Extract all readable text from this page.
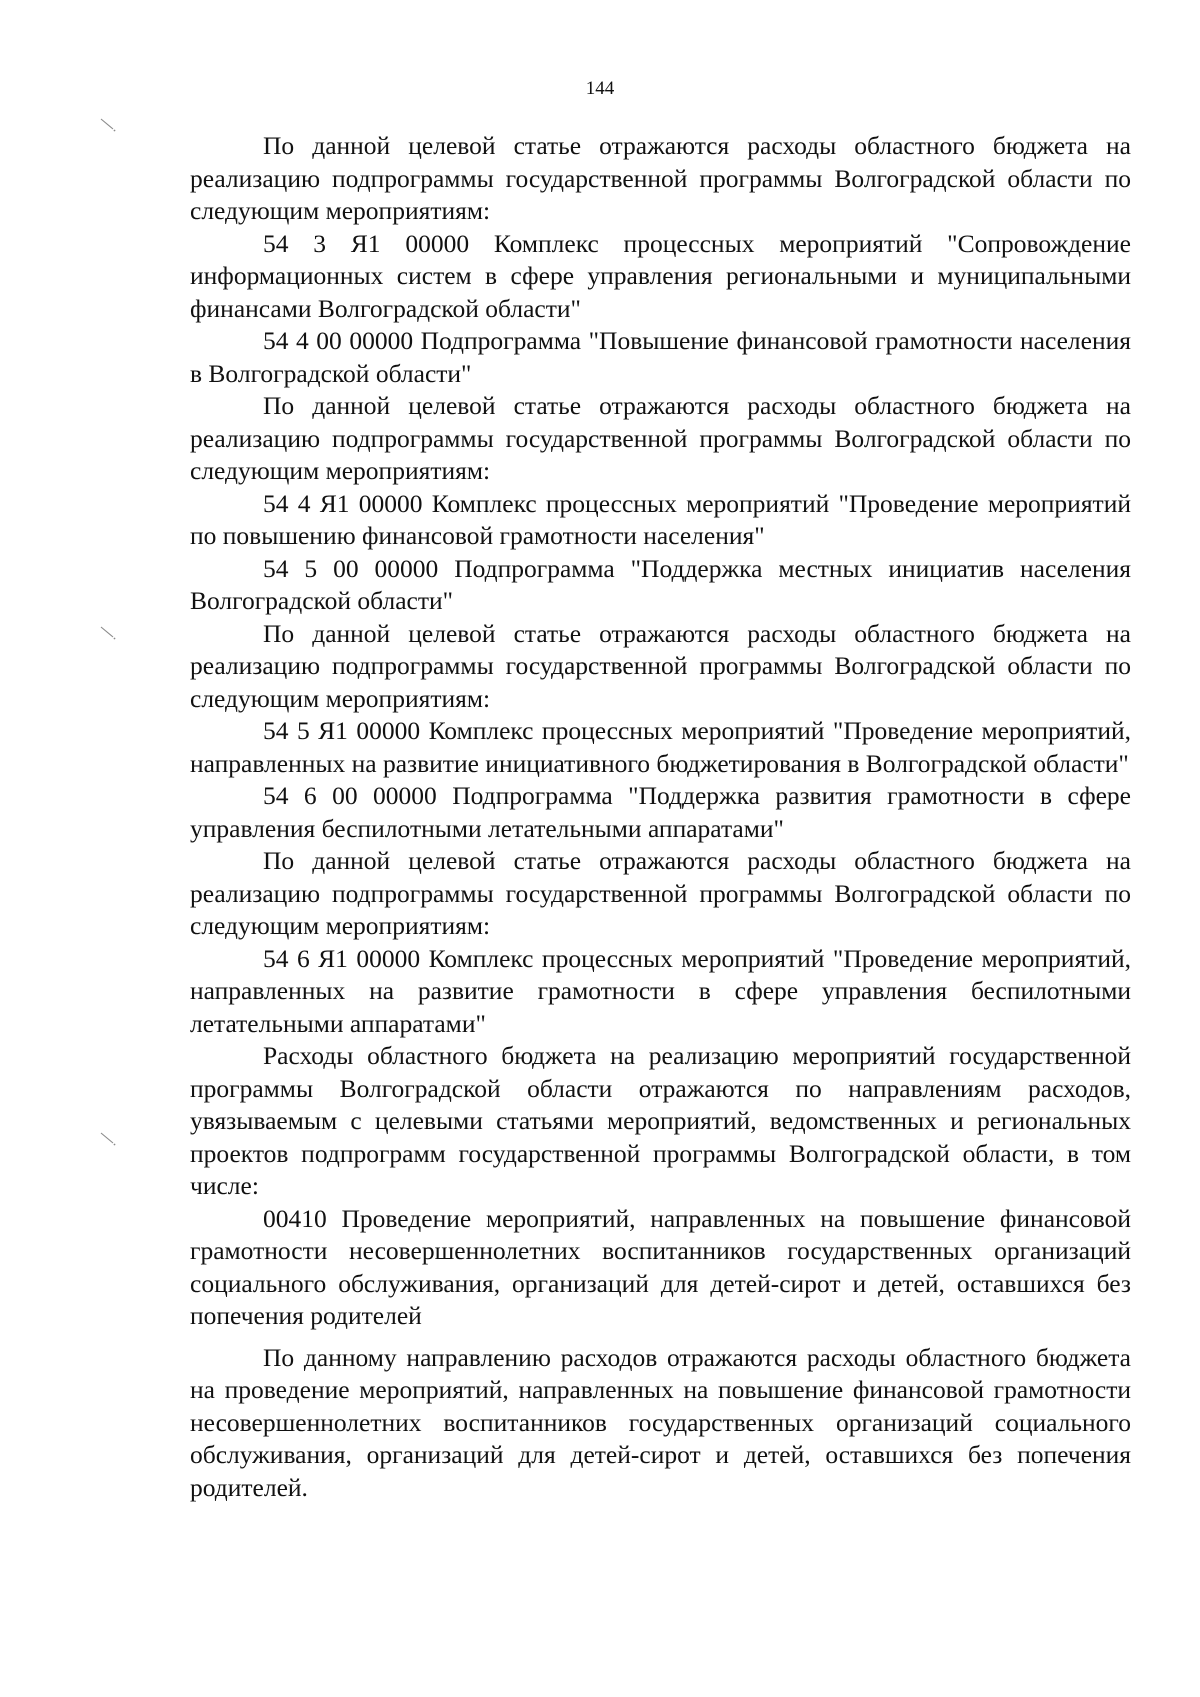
144

По данной целевой статье отражаются расходы областного бюджета на реализацию подпрограммы государственной программы Волгоградской области по следующим мероприятиям:

54 3 Я1 00000 Комплекс процессных мероприятий "Сопровождение информационных систем в сфере управления региональными и муниципальными финансами Волгоградской области"

54 4 00 00000 Подпрограмма "Повышение финансовой грамотности населения в Волгоградской области"

По данной целевой статье отражаются расходы областного бюджета на реализацию подпрограммы государственной программы Волгоградской области по следующим мероприятиям:

54 4 Я1 00000 Комплекс процессных мероприятий "Проведение мероприятий по повышению финансовой грамотности населения"

54 5 00 00000 Подпрограмма "Поддержка местных инициатив населения Волгоградской области"

По данной целевой статье отражаются расходы областного бюджета на реализацию подпрограммы государственной программы Волгоградской области по следующим мероприятиям:

54 5 Я1 00000 Комплекс процессных мероприятий "Проведение мероприятий, направленных на развитие инициативного бюджетирования в Волгоградской области"

54 6 00 00000 Подпрограмма "Поддержка развития грамотности в сфере управления беспилотными летательными аппаратами"

По данной целевой статье отражаются расходы областного бюджета на реализацию подпрограммы государственной программы Волгоградской области по следующим мероприятиям:

54 6 Я1 00000 Комплекс процессных мероприятий "Проведение мероприятий, направленных на развитие грамотности в сфере управления беспилотными летательными аппаратами"

Расходы областного бюджета на реализацию мероприятий государственной программы Волгоградской области отражаются по направлениям расходов, увязываемым с целевыми статьями мероприятий, ведомственных и региональных проектов подпрограмм государственной программы Волгоградской области, в том числе:

00410 Проведение мероприятий, направленных на повышение финансовой грамотности несовершеннолетних воспитанников государственных организаций социального обслуживания, организаций для детей-сирот и детей, оставшихся без попечения родителей

По данному направлению расходов отражаются расходы областного бюджета на проведение мероприятий, направленных на повышение финансовой грамотности несовершеннолетних воспитанников государственных организаций социального обслуживания, организаций для детей-сирот и детей, оставшихся без попечения родителей.
